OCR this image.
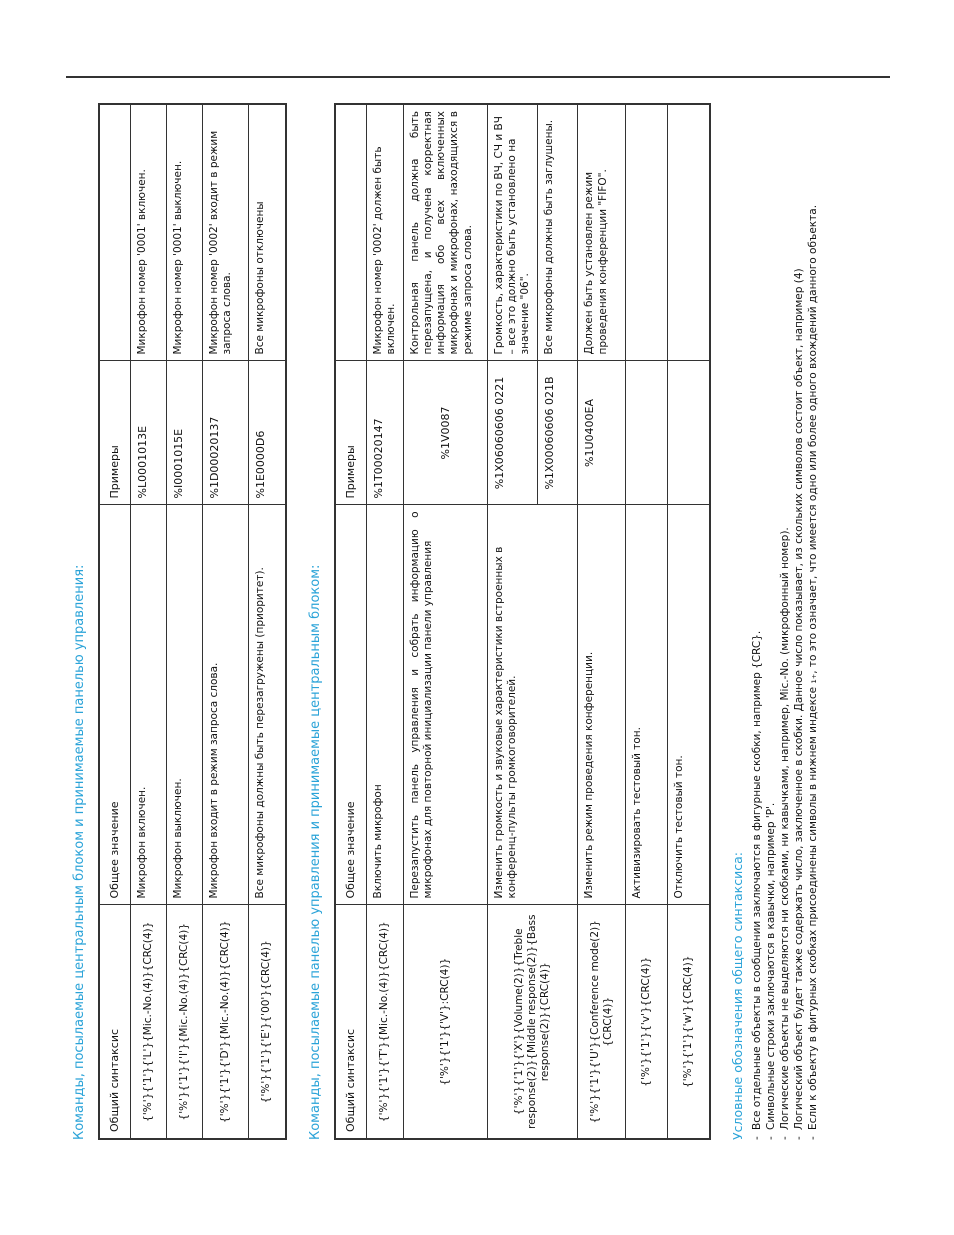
Команды, посылаемые центральным блоком и принимаемые панелью управления: Общий синтаксис	Общее значение	Примеры	
{'%'}{'1'}{'L'}{Mic.-No.(4)}{CRC(4)}	Микрофон включен.	%L0001013E	Микрофон номер '0001' включен.
{'%'}{'1'}{'I'}{Mic.-No.(4)}{CRC(4)}	Микрофон выключен.	%I0001015E	Микрофон номер '0001' выключен.
{'%'}{'1'}{'D'}{Mic.-No.(4)}{CRC(4)}	Микрофон входит в режим запроса слова.	%1D00020137	Микрофон номер '0002' входит в режим запроса слова.
{'%'}{'1'}{'E'}{'00'}{CRC(4)}	Все микрофоны должны быть перезагружены (приоритет).	%1E0000D6	Все микрофоны отключены
Команды, посылаемые панелью управления и принимаемые центральным блоком: Общий синтаксис	Общее значение	Примеры	
{'%'}{'1'}{'T'}{Mic.-No.(4)}{CRC(4)}	Включить микрофон	%1T00020147	Микрофон номер '0002' должен быть включен.
{'%'}{'1'}{'V'}:CRC(4)}	Перезапустить панель управления и собрать информацию о микрофонах для повторной инициализации панели управления	%1V0087	Контрольная панель должна быть перезапущена, и получена корректная информация обо всех включенных микрофонах и микрофонах, находящихся в режиме запроса слова.
{'%'}{'1'}{'X'}{Volume(2)}{Treble response(2)}{Middle response(2)}{Bass response(2)}{CRC(4)}	Изменить громкость и звуковые характеристики встроенных в конференц-пульты громкоговорителей.	%1X06060606 0221	Громкость, характеристики по ВЧ, СЧ и ВЧ – все это должно быть установлено на значение "06".
		%1X00060606 021B	Все микрофоны должны быть заглушены.
{'%'}{'1'}{'U'}{Conference mode(2)}{CRC(4)}	Изменить режим проведения конференции.	%1U0400EA	Должен быть установлен режим проведения конференции "FIFO".
{'%'}{'1'}{'v'}{CRC(4)}	Активизировать тестовый тон.		
{'%'}{'1'}{'w'}{CRC(4)}	Отключить тестовый тон.		
Условные обозначения общего синтаксиса: - Все отдельные объекты в сообщении заключаются в фигурные скобки, например {CRC}. - Символьные строки заключаются в кавычки, например 'P'. - Логические объекты не выделяются ни скобками, ни кавычками, например, Mic.-No. (микрофонный номер). - Логический объект будет также содержать число, заключенное в скобки. Данное число показывает, из скольких символов состоит объект, например (4) - Если к объекту в фигурных скобках присоединены символы в нижнем индексе ₁₊, то это означает, что имеется одно или более одного вхождений данного объекта.
